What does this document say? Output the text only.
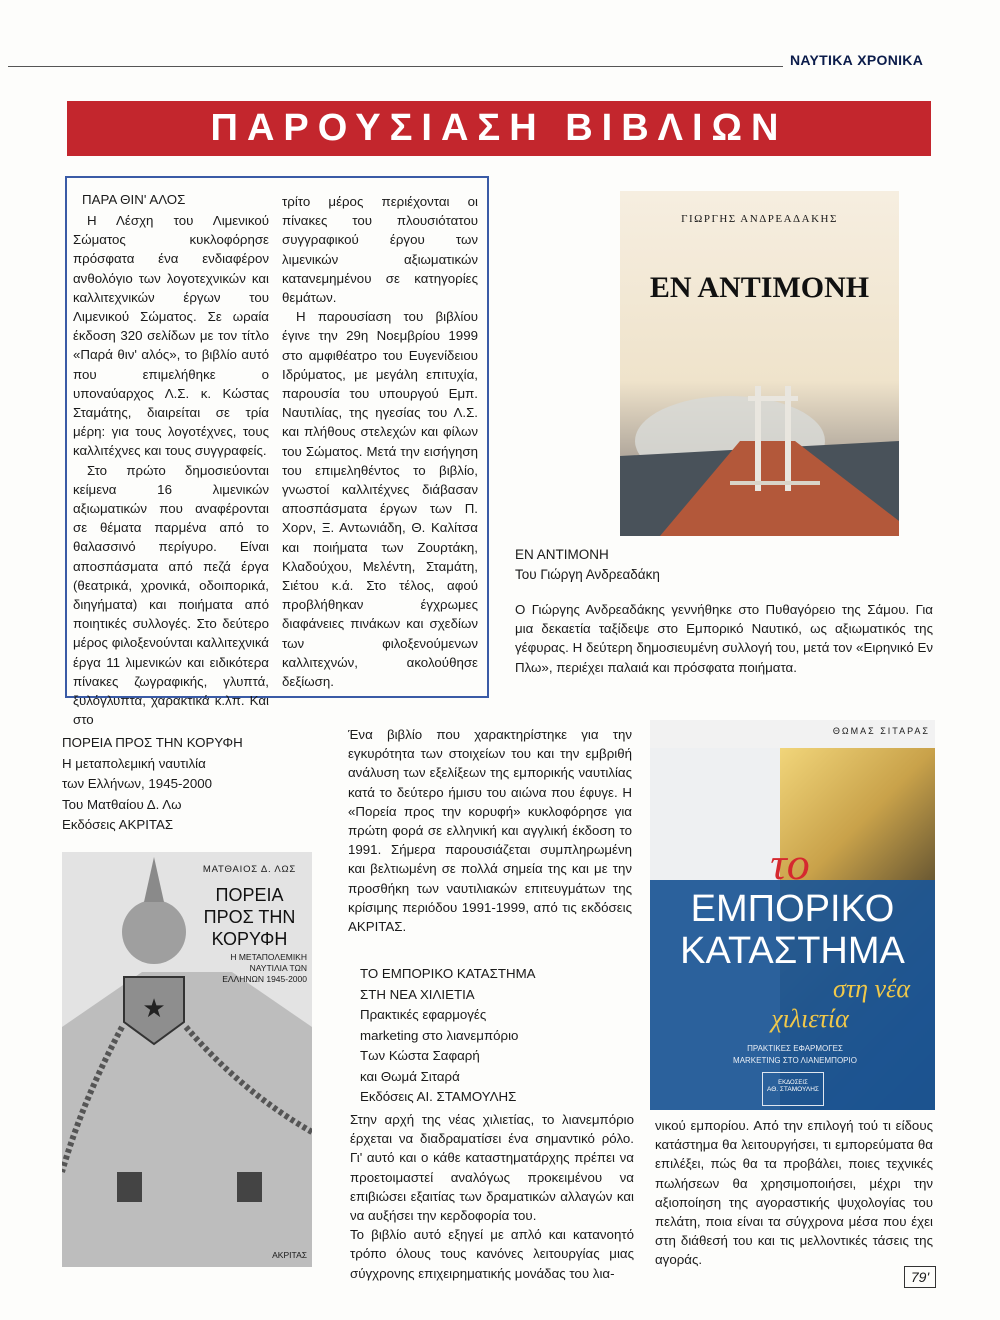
ΝΑΥΤΙΚΑ ΧΡΟΝΙΚΑ
ΠΑΡΟΥΣΙΑΣΗ ΒΙΒΛΙΩΝ
ΠΑΡΑ ΘΙΝ' ΑΛΟΣ

Η Λέσχη του Λιμενικού Σώματος κυκλοφόρησε πρόσφατα ένα ενδιαφέρον ανθολόγιο των λογοτεχνικών και καλλιτεχνικών έργων του Λιμενικού Σώματος. Σε ωραία έκδοση 320 σελίδων με τον τίτλο «Παρά θιν' αλός», το βιβλίο αυτό που επιμελήθηκε ο υποναύαρχος Λ.Σ. κ. Κώστας Σταμάτης, διαιρείται σε τρία μέρη: για τους λογοτέχνες, τους καλλιτέχνες και τους συγγραφείς.

Στο πρώτο δημοσιεύονται κείμενα 16 λιμενικών αξιωματικών που αναφέρονται σε θέματα παρμένα από το θαλασσινό περίγυρο. Είναι αποσπάσματα από πεζά έργα (θεατρικά, χρονικά, οδοιπορικά, διηγήματα) και ποιήματα από ποιητικές συλλογές. Στο δεύτερο μέρος φιλοξενούνται καλλιτεχνικά έργα 11 λιμενικών και ειδικότερα πίνακες ζωγραφικής, γλυπτά, ξυλόγλυπτα, χαρακτικά κ.λπ. Και στο

τρίτο μέρος περιέχονται οι πίνακες του πλουσιότατου συγγραφικού έργου των λιμενικών αξιωματικών κατανεμημένου σε κατηγορίες θεμάτων.

Η παρουσίαση του βιβλίου έγινε την 29η Νοεμβρίου 1999 στο αμφιθέατρο του Ευγενίδειου Ιδρύματος, με μεγάλη επιτυχία, παρουσία του υπουργού Εμπ. Ναυτιλίας, της ηγεσίας του Λ.Σ. και πλήθους στελεχών και φίλων του Σώματος. Μετά την εισήγηση του επιμεληθέντος το βιβλίο, γνωστοί καλλιτέχνες διάβασαν αποσπάσματα έργων των Π. Χορν, Ξ. Αντωνιάδη, Θ. Καλίτσα και ποιήματα των Ζουρτάκη, Κλαδούχου, Μελέντη, Σταμάτη, Σιέτου κ.ά. Στο τέλος, αφού προβλήθηκαν έγχρωμες διαφάνειες πινάκων και σχεδίων των φιλοξενούμενων καλλιτεχνών, ακολούθησε δεξίωση.

ΓΙΩΡΓΗΣ ΑΝΔΡΕΑΔΑΚΗΣ
ΕΝ ΑΝΤΙΜΟΝΗ
ΕΝ ΑΝΤΙΜΟΝΗ
Του Γιώργη Ανδρεαδάκη

Ο Γιώργης Ανδρεαδάκης γεννήθηκε στο Πυθαγόρειο της Σάμου. Για μια δεκαετία ταξίδεψε στο Εμπορικό Ναυτικό, ως αξιωματικός της γέφυρας. Η δεύτερη δημοσιευμένη συλλογή του, μετά τον «Ειρηνικό Εν Πλω», περιέχει παλαιά και πρόσφατα ποιήματα.

ΠΟΡΕΙΑ ΠΡΟΣ ΤΗΝ ΚΟΡΥΦΗ
Η μεταπολεμική ναυτιλία
των Ελλήνων, 1945-2000
Του Ματθαίου Δ. Λω
Εκδόσεις ΑΚΡΙΤΑΣ
★
ΜΑΤΘΑΙΟΣ Δ. ΛΩΣ
ΠΟΡΕΙΑ ΠΡΟΣ ΤΗΝ ΚΟΡΥΦΗ
Η ΜΕΤΑΠΟΛΕΜΙΚΗ ΝΑΥΤΙΛΙΑ ΤΩΝ ΕΛΛΗΝΩΝ 1945-2000
ΑΚΡΙΤΑΣ

Ένα βιβλίο που χαρακτηρίστηκε για την εγκυρότητα των στοιχείων του και την εμβριθή ανάλυση των εξελίξεων της εμπορικής ναυτιλίας κατά το δεύτερο ήμισυ του αιώνα που έφυγε. Η «Πορεία προς την κορυφή» κυκλοφόρησε για πρώτη φορά σε ελληνική και αγγλική έκδοση το 1991. Σήμερα παρουσιάζεται συμπληρωμένη και βελτιωμένη σε πολλά σημεία της και με την προσθήκη των ναυτιλιακών επιτευγμάτων της κρίσιμης περιόδου 1991-1999, από τις εκδόσεις ΑΚΡΙΤΑΣ.

ΤΟ ΕΜΠΟΡΙΚΟ ΚΑΤΑΣΤΗΜΑ
ΣΤΗ ΝΕΑ ΧΙΛΙΕΤΙΑ
Πρακτικές εφαρμογές
marketing στο λιανεμπόριο
Των Κώστα Σαφαρή
και Θωμά Σιταρά
Εκδόσεις ΑΙ. ΣΤΑΜΟΥΛΗΣ

Στην αρχή της νέας χιλιετίας, το λιανεμπόριο έρχεται να διαδραματίσει ένα σημαντικό ρόλο. Γι' αυτό και ο κάθε καταστηματάρχης πρέπει να προετοιμαστεί αναλόγως προκειμένου να επιβιώσει εξαιτίας των δραματικών αλλαγών και να αυξήσει την κερδοφορία του.

Το βιβλίο αυτό εξηγεί με απλό και κατανοητό τρόπο όλους τους κανόνες λειτουργίας μιας σύγχρονης επιχειρηματικής μονάδας του λια-

ΘΩΜΑΣ ΣΙΤΑΡΑΣ
το
ΕΜΠΟΡΙΚΟ
ΚΑΤΑΣΤΗΜΑ
στη νέα
χιλιετία
ΠΡΑΚΤΙΚΕΣ ΕΦΑΡΜΟΓΕΣ
MARKETING ΣΤΟ ΛΙΑΝΕΜΠΟΡΙΟ
ΕΚΔΟΣΕΙΣ
ΑΘ. ΣΤΑΜΟΥΛΗΣ

νικού εμπορίου. Από την επιλογή τού τι είδους κατάστημα θα λειτουργήσει, τι εμπορεύματα θα επιλέξει, πώς θα τα προβάλει, ποιες τεχνικές πωλήσεων θα χρησιμοποιήσει, μέχρι την αξιοποίηση της αγοραστικής ψυχολογίας του πελάτη, ποια είναι τα σύγχρονα μέσα που έχει στη διάθεσή του και τις μελλοντικές τάσεις της αγοράς.

79'
